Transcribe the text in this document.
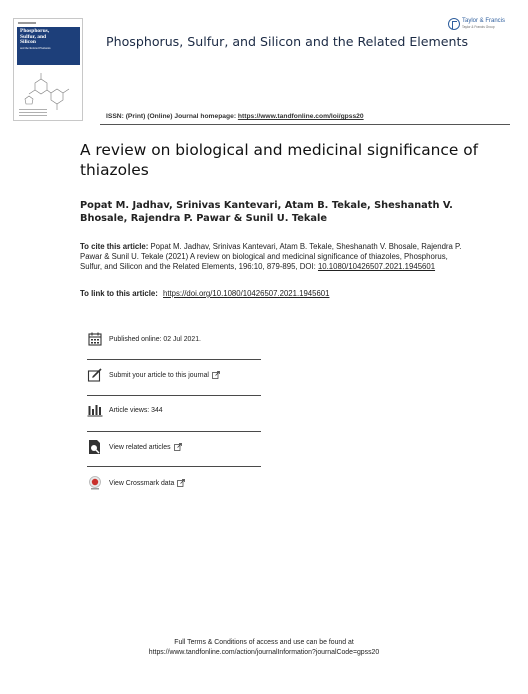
Phosphorus,
Sulfur, and
Silicon
and the Related Elements	Phosphorus, Sulfur, and Silicon and the Related Elements
Taylor & Francis
Taylor & Francis Group
ISSN: (Print) (Online) Journal homepage: https://www.tandfonline.com/loi/gpss20
A review on biological and medicinal significance of thiazoles
Popat M. Jadhav, Srinivas Kantevari, Atam B. Tekale, Sheshanath V. Bhosale, Rajendra P. Pawar & Sunil U. Tekale
To cite this article: Popat M. Jadhav, Srinivas Kantevari, Atam B. Tekale, Sheshanath V. Bhosale, Rajendra P. Pawar & Sunil U. Tekale (2021) A review on biological and medicinal significance of thiazoles, Phosphorus, Sulfur, and Silicon and the Related Elements, 196:10, 879-895, DOI: 10.1080/10426507.2021.1945601
To link to this article: https://doi.org/10.1080/10426507.2021.1945601
Published online: 02 Jul 2021.
Submit your article to this journal
Article views: 344
View related articles
View Crossmark data
Full Terms & Conditions of access and use can be found at
https://www.tandfonline.com/action/journalInformation?journalCode=gpss20
